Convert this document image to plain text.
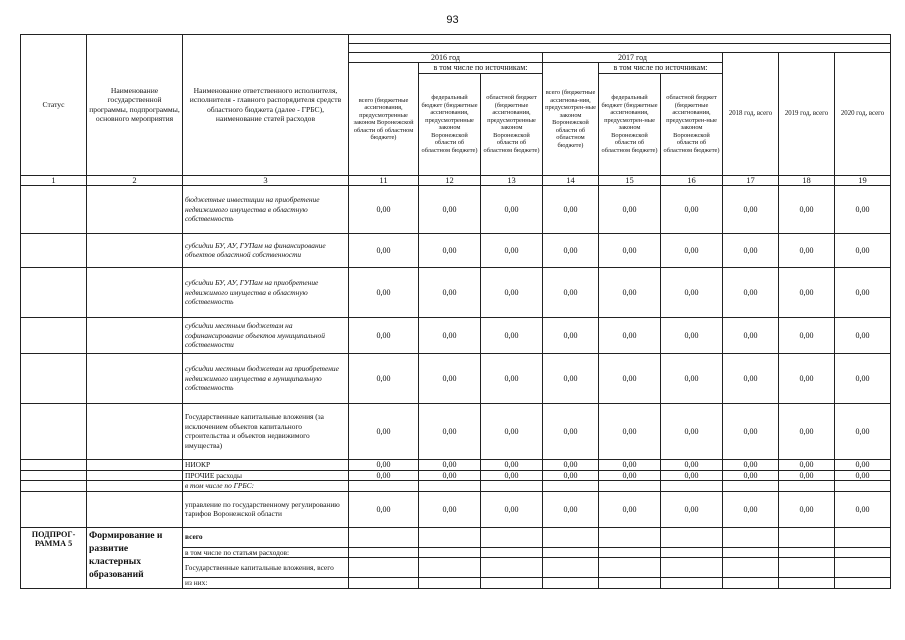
93
Статус	Наименование государственной программы, подпрограммы, основного мероприятия	Наименование ответственного исполнителя, исполнителя - главного распорядителя средств областного бюджета (далее - ГРБС), наименование статей расходов									

			2016 год			2017 год			2018 год, всего	2019 год, всего	2020 год, всего
			всего (бюджетные ассигнования, предусмотренные законом Воронежской области об областном бюджете)	в том числе по источникам:		всего (бюджетные ассигнова-ния, предусмотрен-ные законом Воронежской области об областном бюджете)	в том числе по источникам:				
				федеральный бюджет (бюджетные ассигнования, предусмотренные законом Воронежской области об областном бюджете)	областной бюджет (бюджетные ассигнования, предусмотренные законом Воронежской области об областном бюджете)		федеральный бюджет (бюджетные ассигнования, предусмотрен-ные законом Воронежской области об областном бюджете)	областной бюджет (бюджетные ассигнования, предусмотрен-ные законом Воронежской области об областном бюджете)			
1	2	3	11	12	13	14	15	16	17	18	19
		бюджетные инвестиции на приобретение недвижимого имущества в областную собственность	0,00	0,00	0,00	0,00	0,00	0,00	0,00	0,00	0,00
		субсидии БУ, АУ, ГУПам на финансирование объектов областной собственности	0,00	0,00	0,00	0,00	0,00	0,00	0,00	0,00	0,00
		субсидии БУ, АУ, ГУПам на приобретение недвижимого имущества в областную собственность	0,00	0,00	0,00	0,00	0,00	0,00	0,00	0,00	0,00
		субсидии местным бюджетам на софинансирование объектов муниципальной собственности	0,00	0,00	0,00	0,00	0,00	0,00	0,00	0,00	0,00
		субсидии местным бюджетам на приобретение недвижимого имущества в муниципальную собственность	0,00	0,00	0,00	0,00	0,00	0,00	0,00	0,00	0,00
		Государственные капитальные вложения (за исключением объектов капитального строительства и объектов недвижимого имущества)	0,00	0,00	0,00	0,00	0,00	0,00	0,00	0,00	0,00
		НИОКР	0,00	0,00	0,00	0,00	0,00	0,00	0,00	0,00	0,00
		ПРОЧИЕ расходы	0,00	0,00	0,00	0,00	0,00	0,00	0,00	0,00	0,00
		в том числе по ГРБС:									
		управление по государственному регулированию тарифов Воронежской области	0,00	0,00	0,00	0,00	0,00	0,00	0,00	0,00	0,00
ПОДПРОГ-РАММА 5	Формирование и развитие кластерных образований	всего									
		в том числе по статьям расходов:									
		Государственные капитальные вложения, всего									
		из них:									
